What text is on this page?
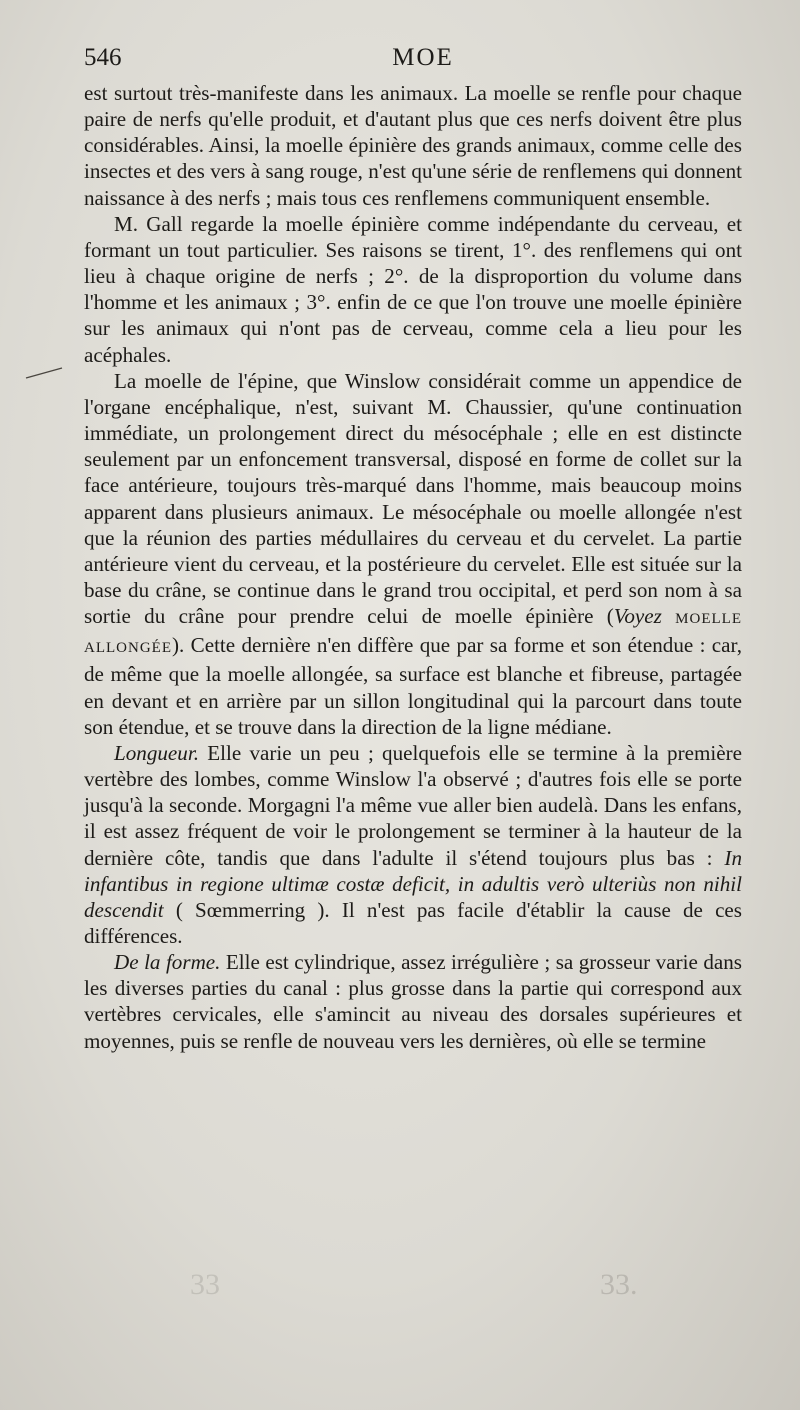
546	MOE

est surtout très-manifeste dans les animaux. La moelle se renfle pour chaque paire de nerfs qu'elle produit, et d'autant plus que ces nerfs doivent être plus considérables. Ainsi, la moelle épinière des grands animaux, comme celle des insectes et des vers à sang rouge, n'est qu'une série de renflemens qui donnent naissance à des nerfs ; mais tous ces renflemens communiquent ensemble.

M. Gall regarde la moelle épinière comme indépendante du cerveau, et formant un tout particulier. Ses raisons se tirent, 1°. des renflemens qui ont lieu à chaque origine de nerfs ; 2°. de la disproportion du volume dans l'homme et les animaux ; 3°. enfin de ce que l'on trouve une moelle épinière sur les animaux qui n'ont pas de cerveau, comme cela a lieu pour les acéphales.

La moelle de l'épine, que Winslow considérait comme un appendice de l'organe encéphalique, n'est, suivant M. Chaussier, qu'une continuation immédiate, un prolongement direct du mésocéphale ; elle en est distincte seulement par un enfoncement transversal, disposé en forme de collet sur la face antérieure, toujours très-marqué dans l'homme, mais beaucoup moins apparent dans plusieurs animaux. Le mésocéphale ou moelle allongée n'est que la réunion des parties médullaires du cerveau et du cervelet. La partie antérieure vient du cerveau, et la postérieure du cervelet. Elle est située sur la base du crâne, se continue dans le grand trou occipital, et perd son nom à sa sortie du crâne pour prendre celui de moelle épinière (Voyez MOELLE ALLONGÉE). Cette dernière n'en diffère que par sa forme et son étendue : car, de même que la moelle allongée, sa surface est blanche et fibreuse, partagée en devant et en arrière par un sillon longitudinal qui la parcourt dans toute son étendue, et se trouve dans la direction de la ligne médiane.

Longueur. Elle varie un peu ; quelquefois elle se termine à la première vertèbre des lombes, comme Winslow l'a observé ; d'autres fois elle se porte jusqu'à la seconde. Morgagni l'a même vue aller bien audelà. Dans les enfans, il est assez fréquent de voir le prolongement se terminer à la hauteur de la dernière côte, tandis que dans l'adulte il s'étend toujours plus bas : In infantibus in regione ultimæ costæ deficit, in adultis verò ulteriùs non nihil descendit ( Sœmmerring ). Il n'est pas facile d'établir la cause de ces différences.

De la forme. Elle est cylindrique, assez irrégulière ; sa grosseur varie dans les diverses parties du canal : plus grosse dans la partie qui correspond aux vertèbres cervicales, elle s'amincit au niveau des dorsales supérieures et moyennes, puis se renfle de nouveau vers les dernières, où elle se termine

33	33.
